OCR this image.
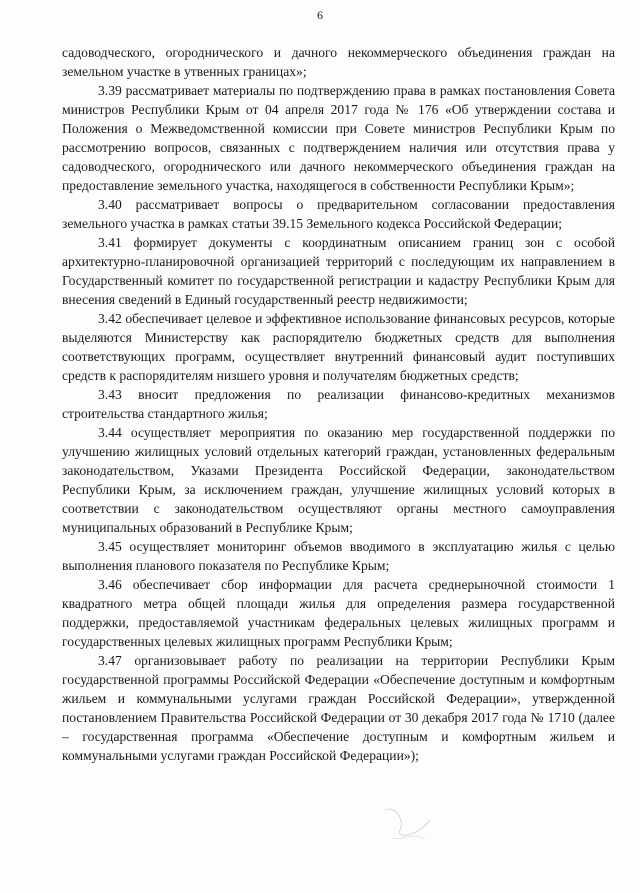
6

садоводческого, огороднического и дачного некоммерческого объединения граждан на земельном участке в утвенных границах»;

3.39 рассматривает материалы по подтверждению права в рамках постановления Совета министров Республики Крым от 04 апреля 2017 года № 176 «Об утверждении состава и Положения о Межведомственной комиссии при Совете министров Республики Крым по рассмотрению вопросов, связанных с подтверждением наличия или отсутствия права у садоводческого, огороднического или дачного некоммерческого объединения граждан на предоставление земельного участка, находящегося в собственности Республики Крым»;

3.40 рассматривает вопросы о предварительном согласовании предоставления земельного участка в рамках статьи 39.15 Земельного кодекса Российской Федерации;

3.41 формирует документы с координатным описанием границ зон с особой архитектурно-планировочной организацией территорий с последующим их направлением в Государственный комитет по государственной регистрации и кадастру Республики Крым для внесения сведений в Единый государственный реестр недвижимости;

3.42 обеспечивает целевое и эффективное использование финансовых ресурсов, которые выделяются Министерству как распорядителю бюджетных средств для выполнения соответствующих программ, осуществляет внутренний финансовый аудит поступивших средств к распорядителям низшего уровня и получателям бюджетных средств;

3.43 вносит предложения по реализации финансово-кредитных механизмов строительства стандартного жилья;

3.44 осуществляет мероприятия по оказанию мер государственной поддержки по улучшению жилищных условий отдельных категорий граждан, установленных федеральным законодательством, Указами Президента Российской Федерации, законодательством Республики Крым, за исключением граждан, улучшение жилищных условий которых в соответствии с законодательством осуществляют органы местного самоуправления муниципальных образований в Республике Крым;

3.45 осуществляет мониторинг объемов вводимого в эксплуатацию жилья с целью выполнения планового показателя по Республике Крым;

3.46 обеспечивает сбор информации для расчета среднерыночной стоимости 1 квадратного метра общей площади жилья для определения размера государственной поддержки, предоставляемой участникам федеральных целевых жилищных программ и государственных целевых жилищных программ Республики Крым;

3.47 организовывает работу по реализации на территории Республики Крым государственной программы Российской Федерации «Обеспечение доступным и комфортным жильем и коммунальными услугами граждан Российской Федерации», утвержденной постановлением Правительства Российской Федерации от 30 декабря 2017 года № 1710 (далее – государственная программа «Обеспечение доступным и комфортным жильем и коммунальными услугами граждан Российской Федерации»);
